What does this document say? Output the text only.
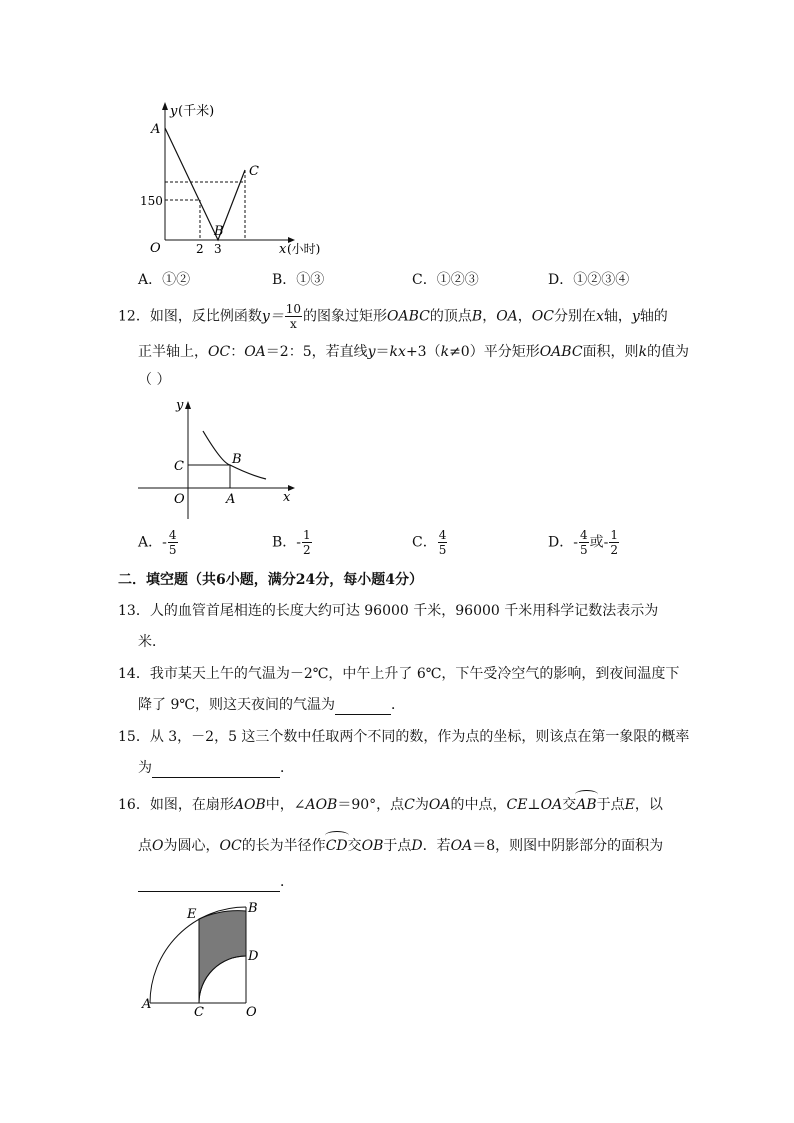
y (千米)
A
C
150
B
O	2 3	x (小时)
A．①②	B．①③	C．①②③	D．①②③④
12．如图，反比例函数$y= \frac{10}{x}$ 的图象过矩形OABC的顶点B，OA，OC分别在x轴，y轴的
正半轴上，OC：OA＝2：5，若直线y＝kx+3（k≠0）平分矩形OABC面积，则k的值为
（ ）
y
C	B
O	A	x
A．- $\frac{4}{5}$	B．- $\frac{1}{2}$	C． $\frac{4}{5}$	D．- $\frac{4}{5}$ 或- $\frac{1}{2}$
二．填空题（共6小题，满分24分，每小题4分）
13．人的血管首尾相连的长度大约可达 96000 千米，96000 千米用科学记数法表示为
米．
14．我市某天上午的气温为－2℃，中午上升了 6℃，下午受冷空气的影响，到夜间温度下
降了 9℃，则这天夜间的气温为	．
15．从 3，－2，5 这三个数中任取两个不同的数，作为点的坐标，则该点在第一象限的概率
为	．
16．如图，在扇形AOB中，∠AOB＝90°，点C为OA的中点，CE⊥OA交AB于点E，以
点O为圆心，OC的长为半径作CD交OB于点D．若OA＝8，则图中阴影部分的面积为
．
E	B
D
A
C	O
